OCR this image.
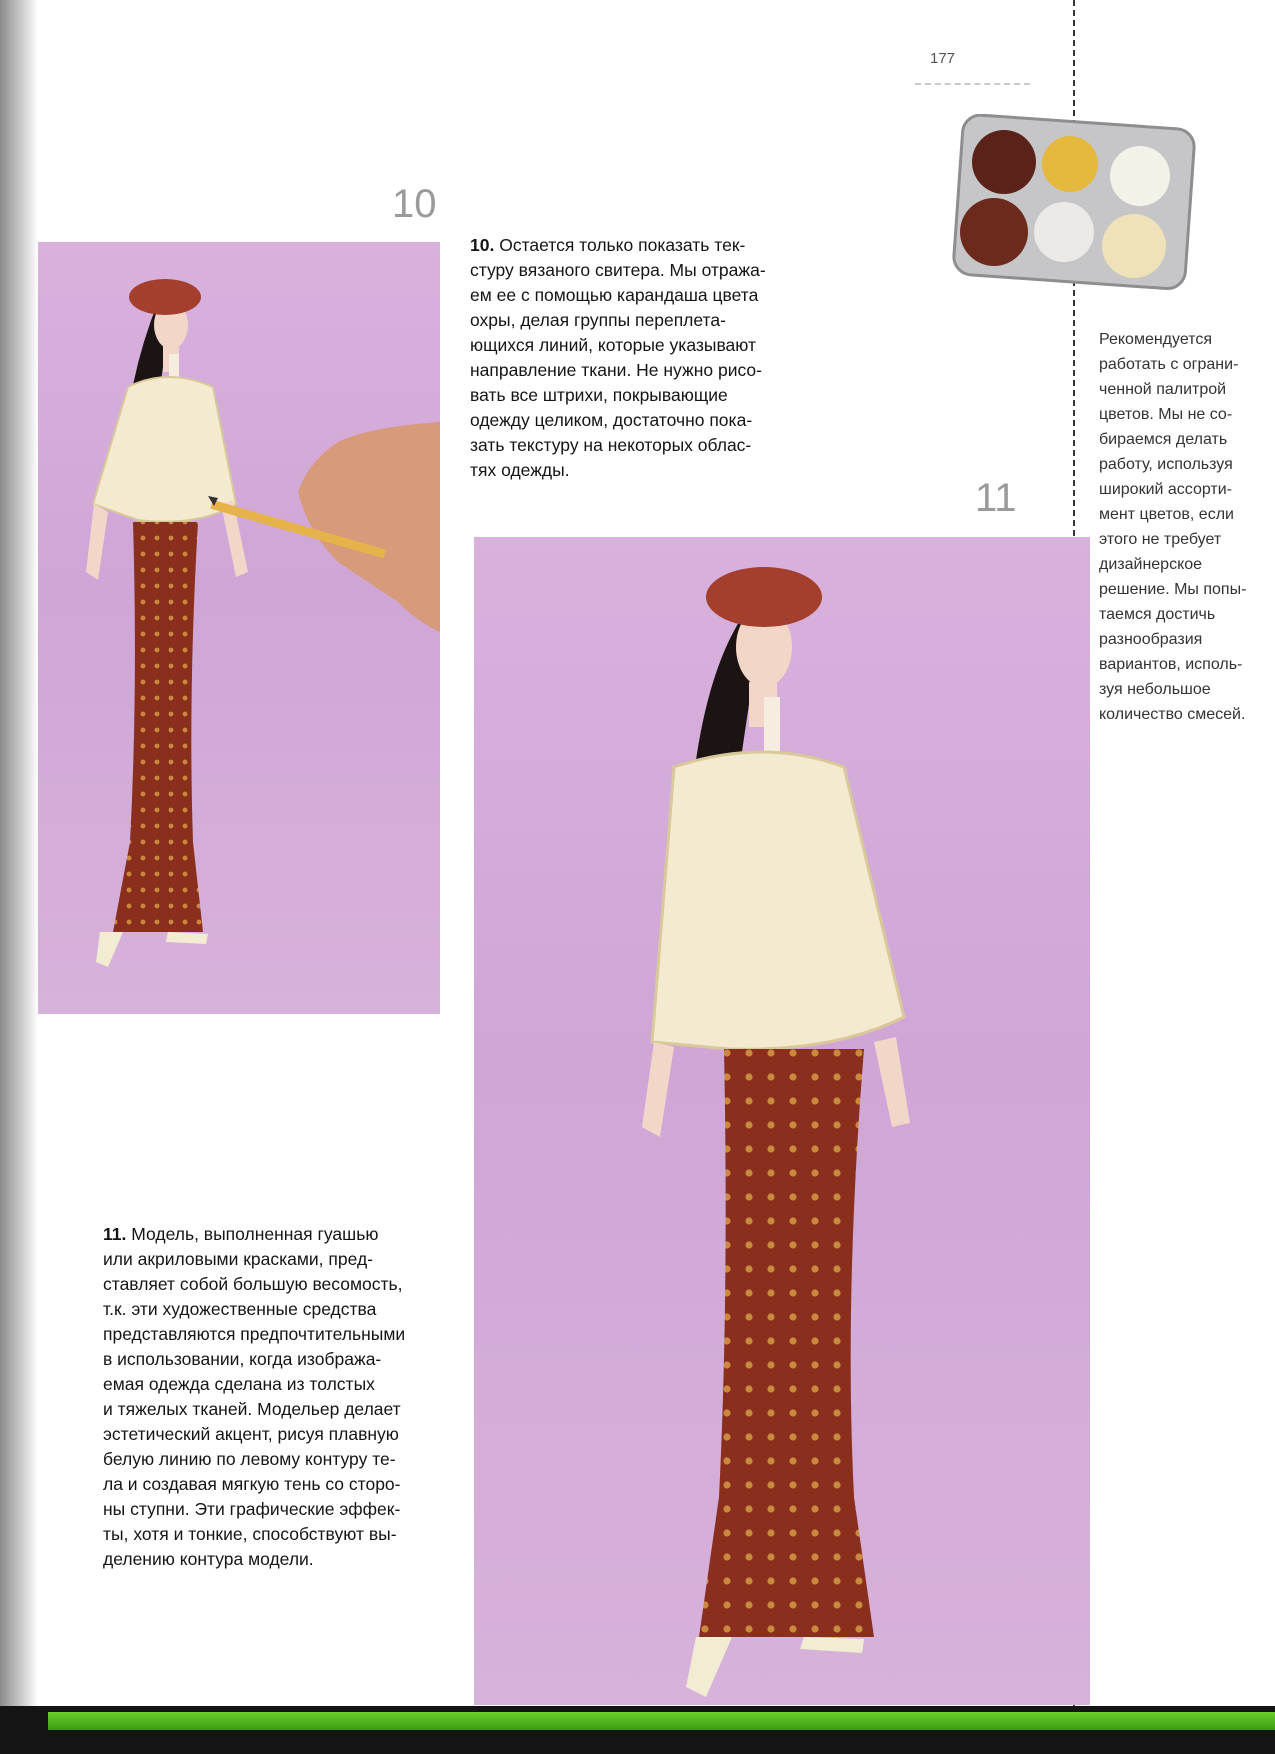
177
10
10. Остается только показать тек-
стуру вязаного свитера. Мы отража-
ем ее с помощью карандаша цвета
охры, делая группы переплета-
ющихся линий, которые указывают
направление ткани. Не нужно рисо-
вать все штрихи, покрывающие
одежду целиком, достаточно пока-
зать текстуру на некоторых облас-
тях одежды.
Рекомендуется
работать с ограни-
ченной палитрой
цветов. Мы не со-
бираемся делать
работу, используя
широкий ассорти-
мент цветов, если
этого не требует
дизайнерское
решение. Мы попы-
таемся достичь
разнообразия
вариантов, исполь-
зуя небольшое
количество смесей.
11
11. Модель, выполненная гуашью
или акриловыми красками, пред-
ставляет собой большую весомость,
т.к. эти художественные средства
представляются предпочтительными
в использовании, когда изобража-
емая одежда сделана из толстых
и тяжелых тканей. Модельер делает
эстетический акцент, рисуя плавную
белую линию по левому контуру те-
ла и создавая мягкую тень со сторо-
ны ступни. Эти графические эффек-
ты, хотя и тонкие, способствуют вы-
делению контура модели.
